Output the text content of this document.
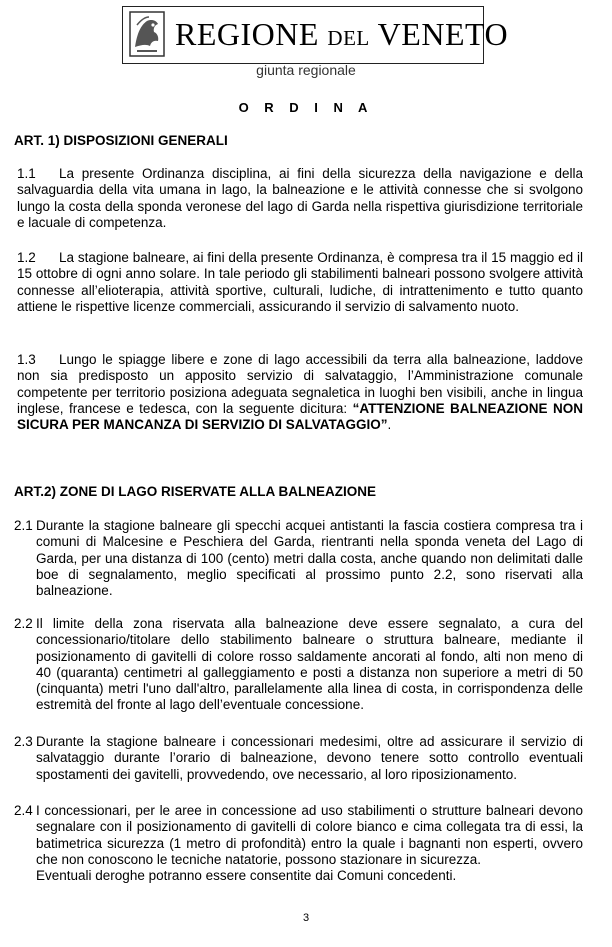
REGIONE DEL VENETO
giunta regionale
O R D I N A
ART. 1) DISPOSIZIONI GENERALI
La presente Ordinanza disciplina, ai fini della sicurezza della navigazione e della salvaguardia della vita umana in lago, la balneazione e le attività connesse che si svolgono lungo la costa della sponda veronese del lago di Garda nella rispettiva giurisdizione territoriale e lacuale di competenza.
1.1
La stagione balneare, ai fini della presente Ordinanza, è compresa tra il 15 maggio ed il 15 ottobre di ogni anno solare. In tale periodo gli stabilimenti balneari possono svolgere attività connesse all’elioterapia, attività sportive, culturali, ludiche, di intrattenimento e tutto quanto attiene le rispettive licenze commerciali, assicurando il servizio di salvamento nuoto.
1.2
Lungo le spiagge libere e zone di lago accessibili da terra alla balneazione, laddove non sia predisposto un apposito servizio di salvataggio, l’Amministrazione comunale competente per territorio posiziona adeguata segnaletica in luoghi ben visibili, anche in lingua inglese, francese e tedesca, con la seguente dicitura: “ATTENZIONE BALNEAZIONE NON SICURA PER MANCANZA DI SERVIZIO DI SALVATAGGIO”.
1.3
ART.2) ZONE DI LAGO RISERVATE ALLA BALNEAZIONE
Durante la stagione balneare gli specchi acquei antistanti la fascia costiera compresa tra i comuni di Malcesine e Peschiera del Garda, rientranti nella sponda veneta del Lago di Garda, per una distanza di 100 (cento) metri dalla costa, anche quando non delimitati dalle boe di segnalamento, meglio specificati al prossimo punto 2.2, sono riservati alla balneazione.
2.1
Il limite della zona riservata alla balneazione deve essere segnalato, a cura del concessionario/titolare dello stabilimento balneare o struttura balneare, mediante il posizionamento di gavitelli di colore rosso saldamente ancorati al fondo, alti non meno di 40 (quaranta) centimetri al galleggiamento e posti a distanza non superiore a metri di 50 (cinquanta) metri l'uno dall'altro, parallelamente alla linea di costa, in corrispondenza delle estremità del fronte al lago dell’eventuale concessione.
2.2
Durante la stagione balneare i concessionari medesimi, oltre ad assicurare il servizio di salvataggio durante l’orario di balneazione, devono tenere sotto controllo eventuali spostamenti dei gavitelli, provvedendo, ove necessario, al loro riposizionamento.
2.3
I concessionari, per le aree in concessione ad uso stabilimenti o strutture balneari devono segnalare con il posizionamento di gavitelli di colore bianco e cima collegata tra di essi, la batimetrica sicurezza (1 metro di profondità) entro la quale i bagnanti non esperti, ovvero che non conoscono le tecniche natatorie, possono stazionare in sicurezza.
Eventuali deroghe potranno essere consentite dai Comuni concedenti.
2.4
3
